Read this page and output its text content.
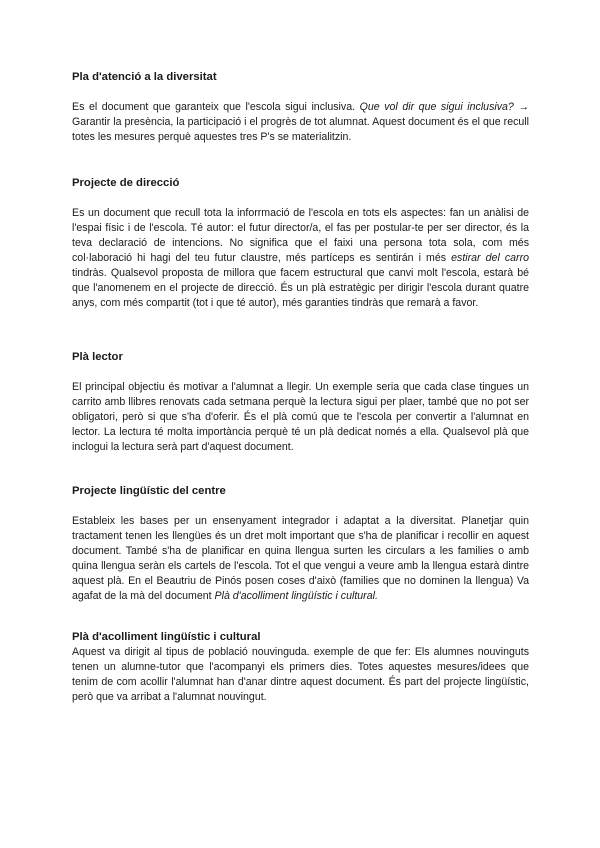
Pla d'atenció a la diversitat

Es el document que garanteix que l'escola sigui inclusiva. Que vol dir que sigui inclusiva? → Garantir la presència, la participació i el progrès de tot alumnat. Aquest document és el que recull totes les mesures perquè aquestes tres P's se materialitzin.

Projecte de direcció

Es un document que recull tota la inforrmació de l'escola en tots els aspectes: fan un anàlisi de l'espai físic i de l'escola. Té autor: el futur director/a, el fas per postular-te per ser director, és la teva declaració de intencions. No significa que el faixi una persona tota sola, com més col·laboració hi hagi del teu futur claustre, més partíceps es sentirán i més estirar del carro tindràs. Qualsevol proposta de millora que facem estructural que canvi molt l'escola, estarà bé que l'anomenem en el projecte de direcció. És un plà estratègic per dirigir l'escola durant quatre anys, com més compartit (tot i que té autor), més garanties tindràs que remarà a favor.

Plà lector

El principal objectiu és motivar a l'alumnat a llegir. Un exemple seria que cada clase tingues un carrito amb llibres renovats cada setmana perquè la lectura sigui per plaer, també que no pot ser obligatori, però si que s'ha d'oferir. És el plà comú que te l'escola per convertir a l'alumnat en lector. La lectura té molta importància perquè té un plà dedicat només a ella. Qualsevol plà que inclogui la lectura serà part d'aquest document.

Projecte lingüístic del centre

Estableix les bases per un ensenyament integrador i adaptat a la diversitat. Planetjar quin tractament tenen les llengües és un dret molt important que s'ha de planificar i recollir en aquest document. També s'ha de planificar en quina llengua surten les circulars a les families o amb quina llengua seràn els cartels de l'escola. Tot el que vengui a veure amb la llengua estarà dintre aquest plà. En el Beautriu de Pinós posen coses d'això (families que no dominen la llengua) Va agafat de la mà del document Plà d'acolliment lingüístic i cultural.

Plà d'acolliment lingüístic i cultural

Aquest va dirigit al tipus de població nouvinguda. exemple de que fer: Els alumnes nouvinguts tenen un alumne-tutor que l'acompanyi els primers dies. Totes aquestes mesures/idees que tenim de com acollir l'alumnat han d'anar dintre aquest document. És part del projecte lingüístic, però que va arribat a l'alumnat nouvingut.
